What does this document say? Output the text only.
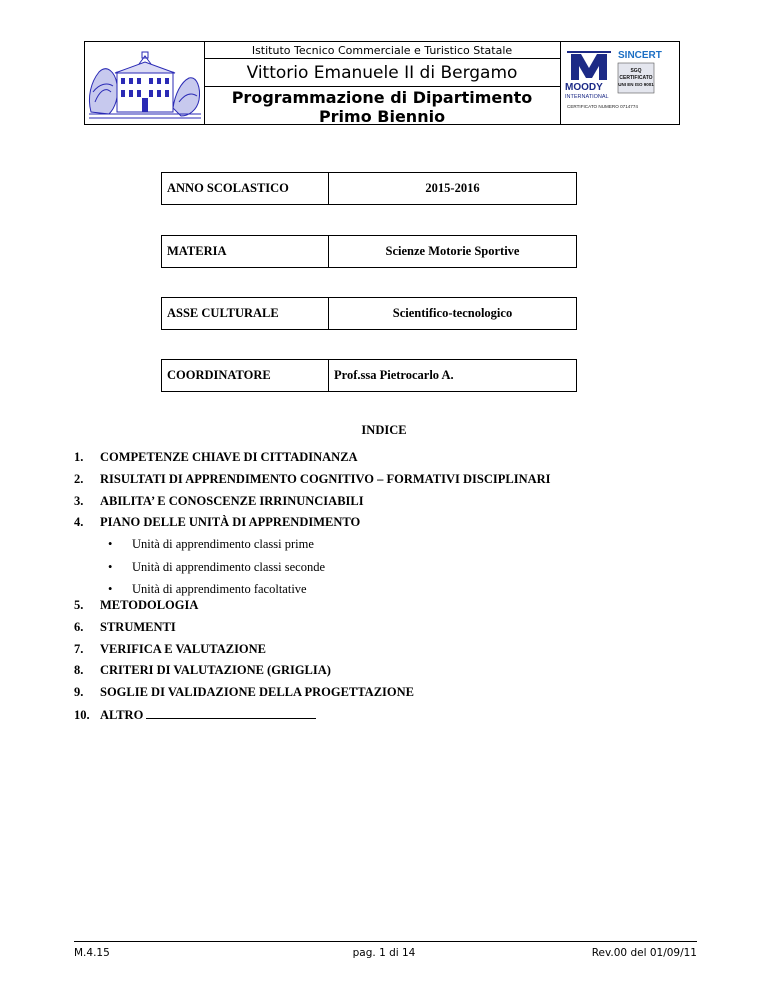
Istituto Tecnico Commerciale e Turistico Statale
Vittorio Emanuele II di Bergamo
Programmazione di Dipartimento
Primo Biennio
MOODY
INTERNATIONAL
SINCERT
SGQ
CERTIFICATO
UNI EN ISO 9001
CERTIFICATO NUMERO 0714774
ANNO SCOLASTICO	2015-2016
MATERIA	Scienze Motorie Sportive
ASSE CULTURALE	Scientifico-tecnologico
COORDINATORE	Prof.ssa Pietrocarlo A.
INDICE
1. COMPETENZE CHIAVE DI CITTADINANZA
2. RISULTATI DI APPRENDIMENTO COGNITIVO – FORMATIVI DISCIPLINARI
3. ABILITA’ E CONOSCENZE IRRINUNCIABILI
4. PIANO DELLE UNITÀ DI APPRENDIMENTO
• Unità di apprendimento classi prime
• Unità di apprendimento classi seconde
• Unità di apprendimento facoltative
5. METODOLOGIA
6. STRUMENTI
7. VERIFICA E VALUTAZIONE
8. CRITERI DI VALUTAZIONE (GRIGLIA)
9. SOGLIE DI VALIDAZIONE DELLA PROGETTAZIONE
10. ALTRO
M.4.15	pag. 1 di 14	Rev.00 del 01/09/11
